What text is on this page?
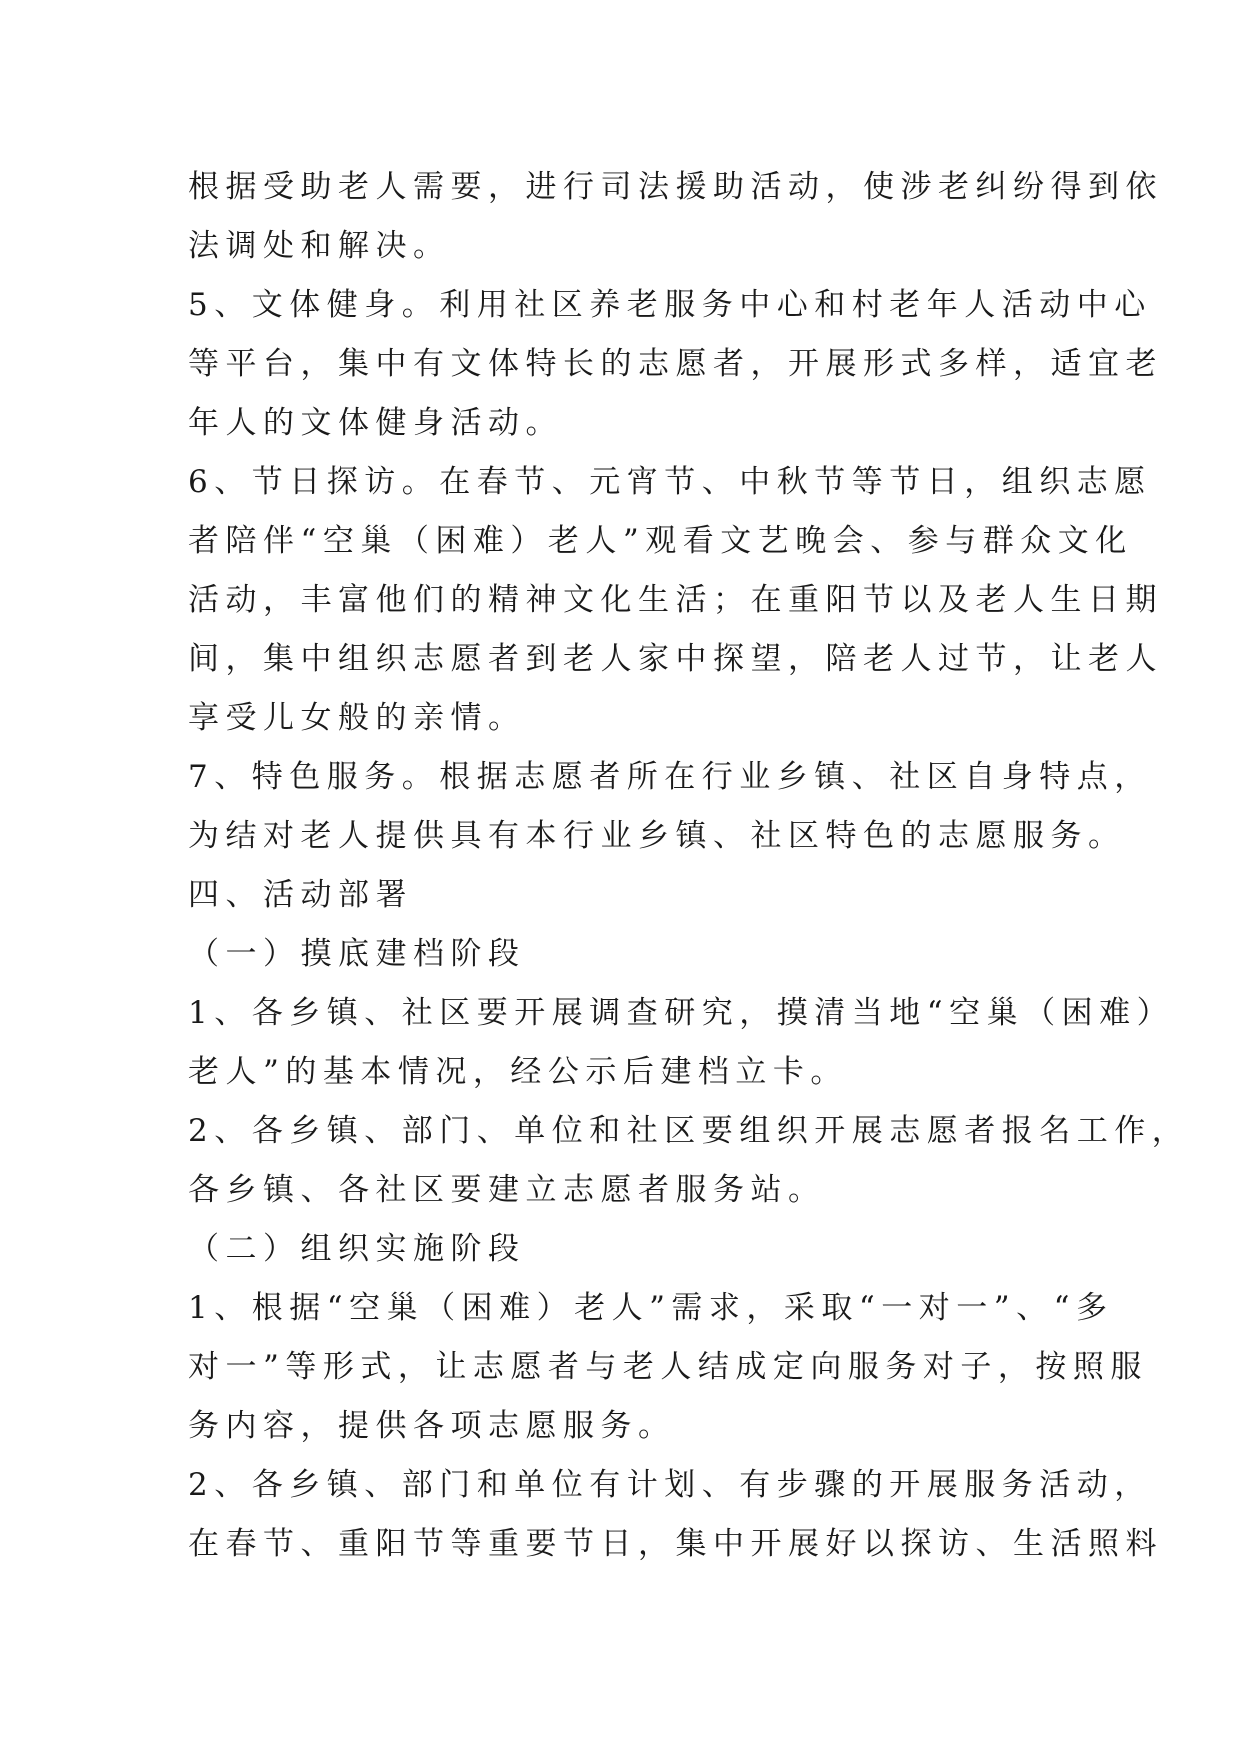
根据受助老人需要，进行司法援助活动，使涉老纠纷得到依
法调处和解决。
5、文体健身。利用社区养老服务中心和村老年人活动中心
等平台，集中有文体特长的志愿者，开展形式多样，适宜老
年人的文体健身活动。
6、节日探访。在春节、元宵节、中秋节等节日，组织志愿
者陪伴“空巢（困难）老人”观看文艺晚会、参与群众文化
活动，丰富他们的精神文化生活；在重阳节以及老人生日期
间，集中组织志愿者到老人家中探望，陪老人过节，让老人
享受儿女般的亲情。
7、特色服务。根据志愿者所在行业乡镇、社区自身特点，
为结对老人提供具有本行业乡镇、社区特色的志愿服务。
四、活动部署
（一）摸底建档阶段
1、各乡镇、社区要开展调查研究，摸清当地“空巢（困难）
老人”的基本情况，经公示后建档立卡。
2、各乡镇、部门、单位和社区要组织开展志愿者报名工作，
各乡镇、各社区要建立志愿者服务站。
（二）组织实施阶段
1、根据“空巢（困难）老人”需求，采取“一对一”、“多
对一”等形式，让志愿者与老人结成定向服务对子，按照服
务内容，提供各项志愿服务。
2、各乡镇、部门和单位有计划、有步骤的开展服务活动，
在春节、重阳节等重要节日，集中开展好以探访、生活照料
